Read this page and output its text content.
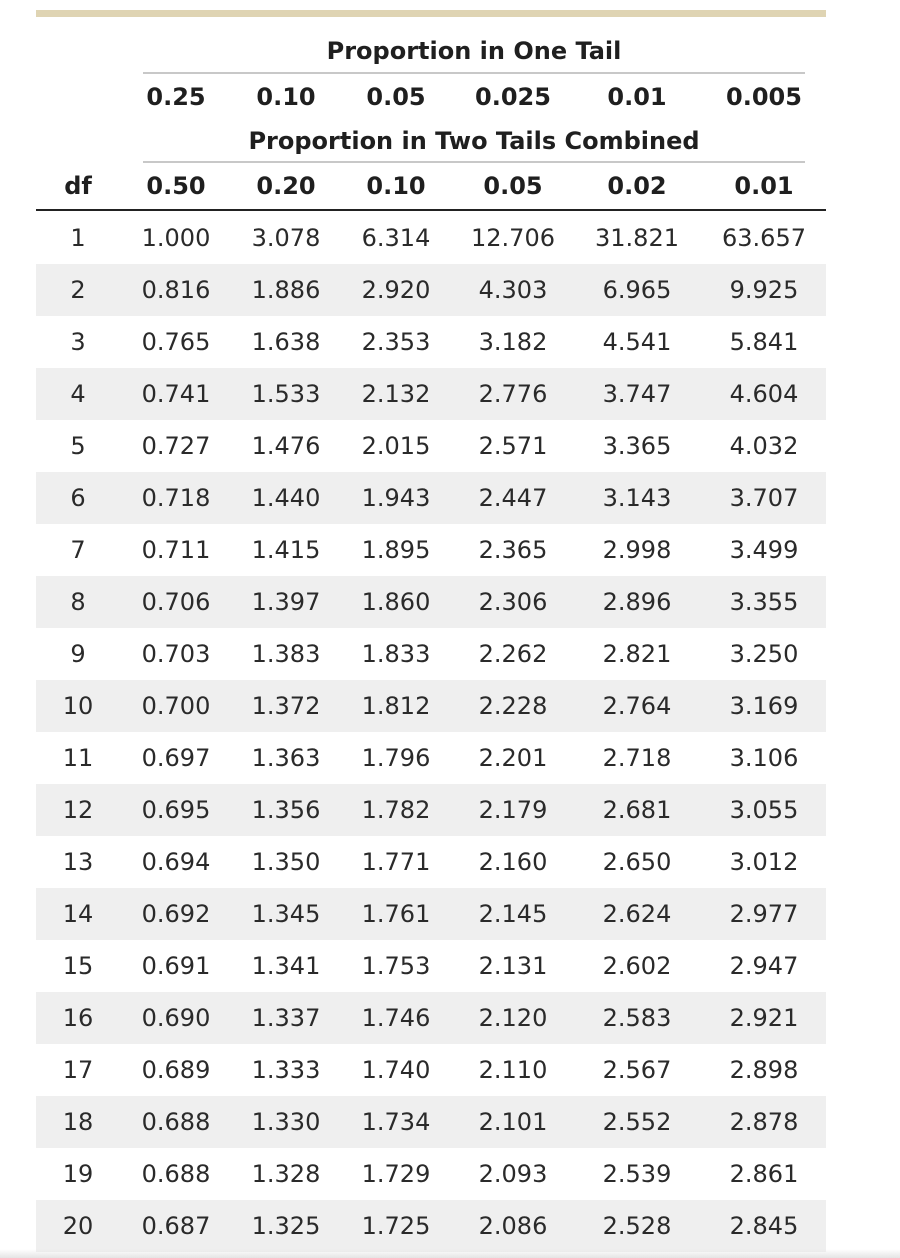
Proportion in One Tail
0.25 0.10 0.05 0.025 0.01 0.005
Proportion in Two Tails Combined
df 0.50 0.20 0.10	0.05	0.02	0.01
1	1.000 3.078 6.314 12.706 31.821 63.657
2	0.816 1.886 2.920 4.303 6.965	9.925
3	0.765 1.638 2.353 3.182 4.541	5.841
4	0.741 1.533 2.132 2.776 3.747	4.604
5	0.727 1.476 2.015 2.571 3.365	4.032
6	0.718 1.440 1.943 2.447 3.143	3.707
7	0.711 1.415 1.895 2.365 2.998	3.499
8	0.706 1.397 1.860 2.306 2.896	3.355
9	0.703 1.383 1.833 2.262 2.821	3.250
10 0.700 1.372 1.812 2.228 2.764	3.169
11 0.697 1.363 1.796 2.201 2.718	3.106
12 0.695 1.356 1.782 2.179 2.681	3.055
13 0.694 1.350 1.771 2.160 2.650	3.012
14 0.692 1.345 1.761 2.145 2.624	2.977
15 0.691 1.341 1.753 2.131 2.602	2.947
16 0.690 1.337 1.746 2.120 2.583	2.921
17 0.689 1.333 1.740 2.110 2.567	2.898
18 0.688 1.330 1.734 2.101 2.552	2.878
19 0.688 1.328 1.729 2.093 2.539	2.861
20 0.687 1.325 1.725 2.086 2.528	2.845
